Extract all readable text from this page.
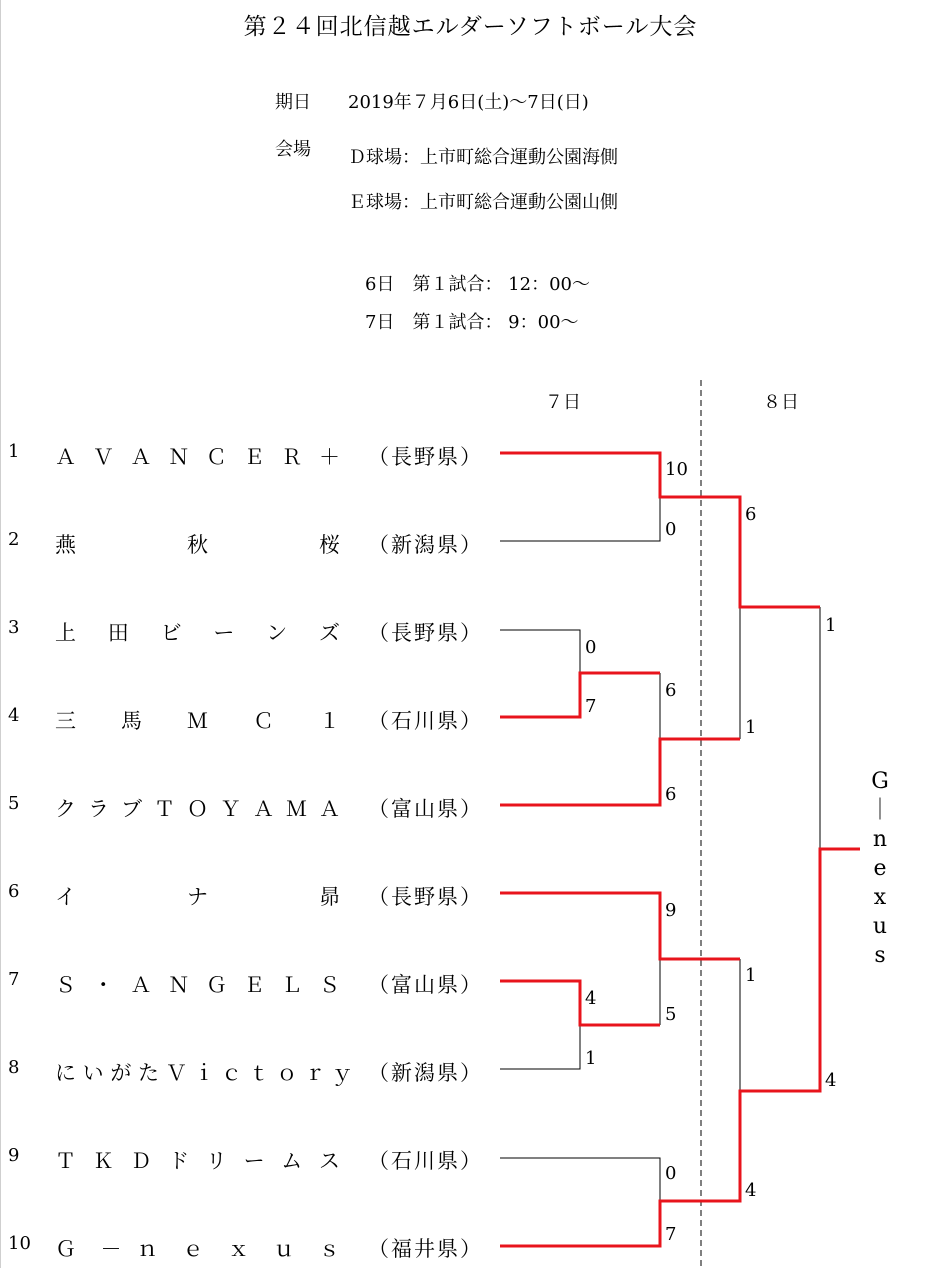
第２４回北信越エルダーソフトボール大会
期日 2019年７月6日(土)～7日(日)
会場 Ｄ球場：上市町総合運動公園海側
Ｅ球場：上市町総合運動公園山側
6日　第１試合： 12：00～
7日　第１試合： 9：00～
７日	８日
1	Ａ Ｖ Ａ Ｎ Ｃ Ｅ Ｒ ＋ （長野県）
2	燕 秋 桜 （新潟県）
3	上 田 ビ ー ン ズ （長野県）
4	三 馬 Ｍ Ｃ １ （石川県）
5	ク ラ ブ Ｔ Ｏ Ｙ Ａ Ｍ Ａ （富山県）
6	イ ナ 昴 （長野県）
7	Ｓ ・ Ａ Ｎ Ｇ Ｅ Ｌ Ｓ （富山県）
8	に い が た Ｖ ｉ ｃ ｔ ｏ ｒ ｙ （新潟県）
9	Ｔ Ｋ Ｄ ド リ ー ム ス （石川県）
10	Ｇ － ｎ ｅ ｘ ｕ ｓ （福井県）
10
0
0
7
6
6
9
4
1
5
0
7
6
1
1
4
1
4
G
｜
n
e
x
u
s
